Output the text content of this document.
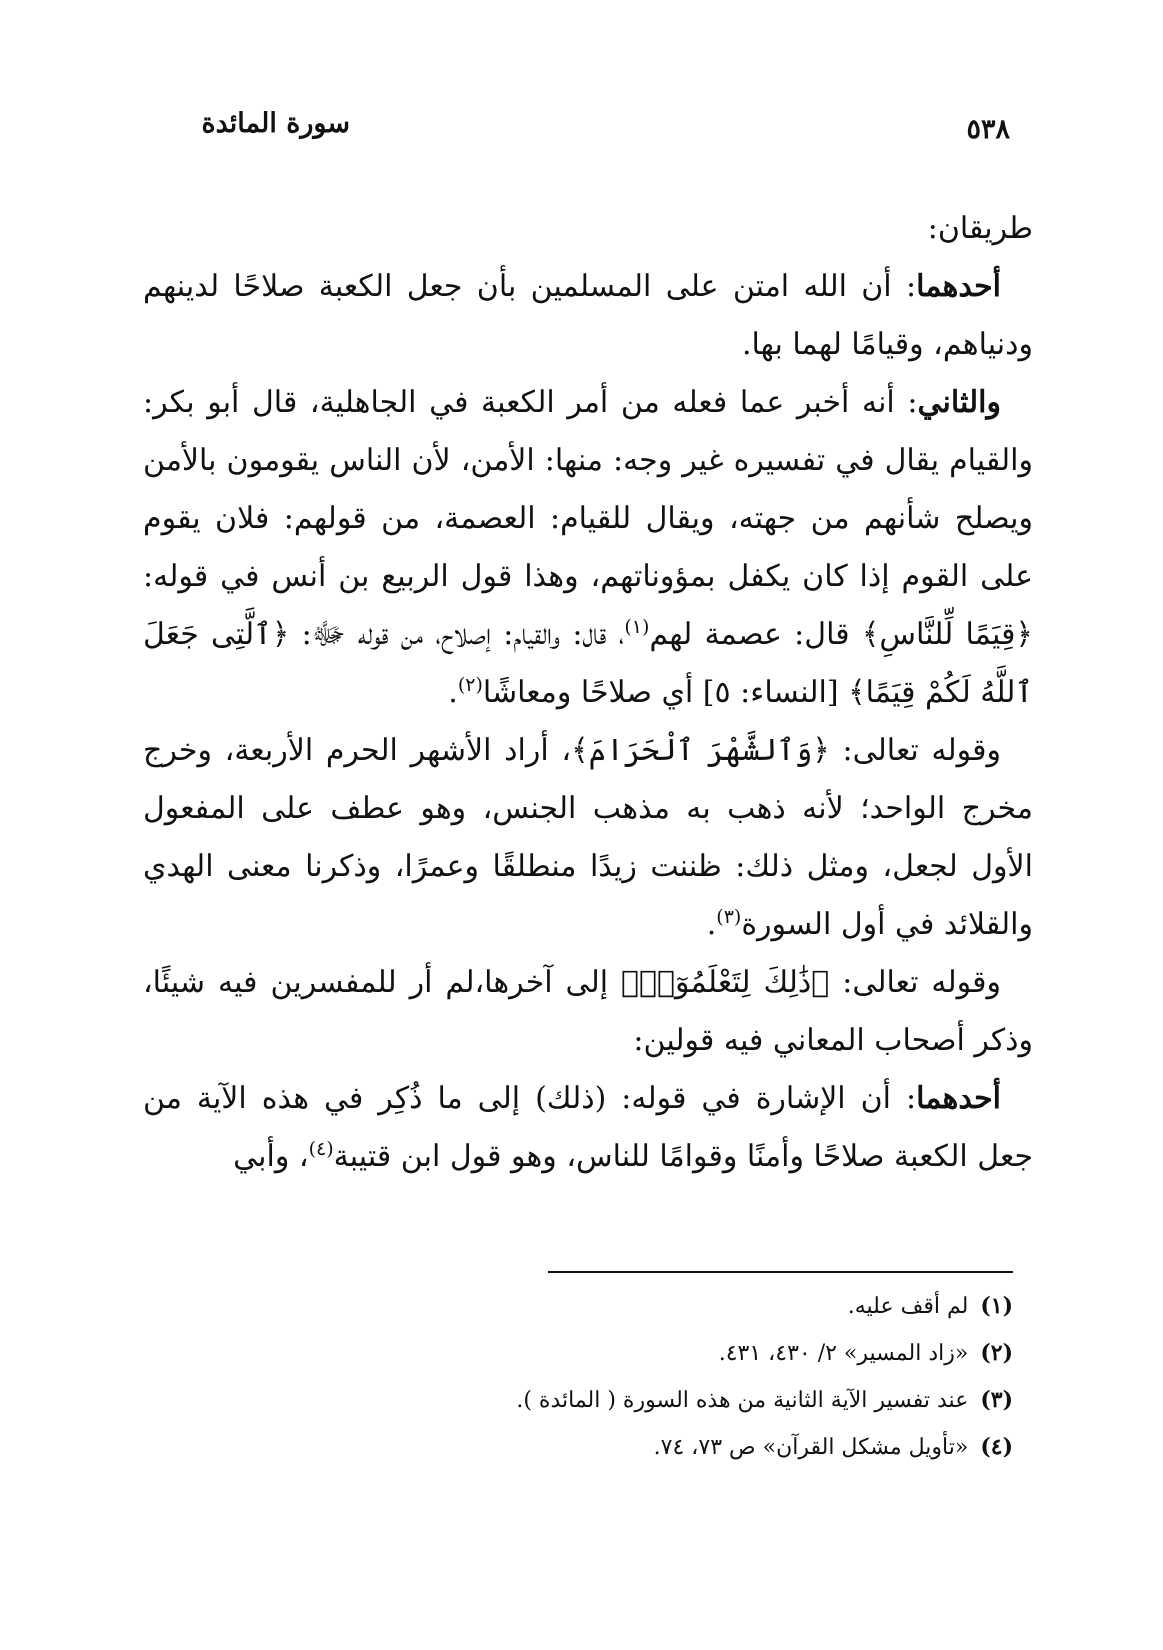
سورة المائدة	٥٣٨

طريقان:

أحدهما: أن الله امتن على المسلمين بأن جعل الكعبة صلاحًا لدينهم ودنياهم، وقيامًا لهما بها.

والثاني: أنه أخبر عما فعله من أمر الكعبة في الجاهلية، قال أبو بكر: والقيام يقال في تفسيره غير وجه: منها: الأمن، لأن الناس يقومون بالأمن ويصلح شأنهم من جهته، ويقال للقيام: العصمة، من قولهم: فلان يقوم على القوم إذا كان يكفل بمؤوناتهم، وهذا قول الربيع بن أنس في قوله: ﴿قِيَمًا لِّلنَّاسِ﴾ قال: عصمة لهم$^{(١)}$، قال: والقيام: إصلاح، من قوله ﷻ: ﴿ٱلَّتِى جَعَلَ ٱللَّهُ لَكُمْ قِيَمًا﴾ [النساء: ٥] أي صلاحًا ومعاشًا$^{(٢)}$.

وقوله تعالى: ﴿وَٱلشَّهْرَ ٱلْحَرَامَ﴾، أراد الأشهر الحرم الأربعة، وخرج مخرج الواحد؛ لأنه ذهب به مذهب الجنس، وهو عطف على المفعول الأول لجعل، ومثل ذلك: ظننت زيدًا منطلقًا وعمرًا، وذكرنا معنى الهدي والقلائد في أول السورة$^{(٣)}$.

وقوله تعالى: ﴿ذَٰلِكَ لِتَعْلَمُوٓا۟﴾ إلى آخرها،لم أر للمفسرين فيه شيئًا، وذكر أصحاب المعاني فيه قولين:

أحدهما: أن الإشارة في قوله: (ذلك) إلى ما ذُكِر في هذه الآية من جعل الكعبة صلاحًا وأمنًا وقوامًا للناس، وهو قول ابن قتيبة$^{(٤)}$، وأبي

(١)لم أقف عليه.

(٢)«زاد المسير» ٢/ ٤٣٠، ٤٣١.

(٣)عند تفسير الآية الثانية من هذه السورة ( المائدة ).

(٤)«تأويل مشكل القرآن» ص ٧٣، ٧٤.
